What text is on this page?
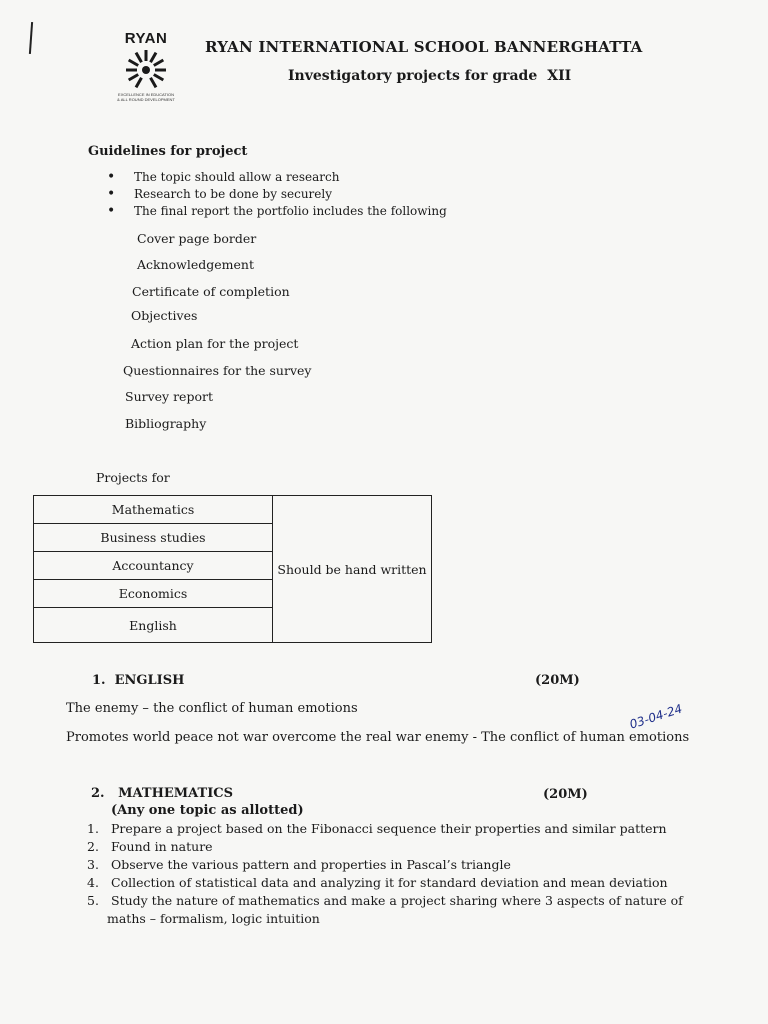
RYAN
EXCELLENCE IN EDUCATION
& ALL ROUND DEVELOPMENT
RYAN INTERNATIONAL SCHOOL BANNERGHATTA
Investigatory projects for grade XII
Guidelines for project
• The topic should allow a research
• Research to be done by securely
• The final report the portfolio includes the following
Cover page border
Acknowledgement
Certificate of completion
Objectives
Action plan for the project
Questionnaires for the survey
Survey report
Bibliography
Projects for
Mathematics	Should be hand written
Business studies
Accountancy
Economics
English
1. ENGLISH	(20M)
The enemy – the conflict of human emotions
Promotes world peace not war overcome the real war enemy - The conflict of human emotions
03-04-24
2. MATHEMATICS	(20M)
(Any one topic as allotted)
1. Prepare a project based on the Fibonacci sequence their properties and similar pattern
2. Found in nature
3. Observe the various pattern and properties in Pascal’s triangle
4. Collection of statistical data and analyzing it for standard deviation and mean deviation
5. Study the nature of mathematics and make a project sharing where 3 aspects of nature of
maths – formalism, logic intuition
